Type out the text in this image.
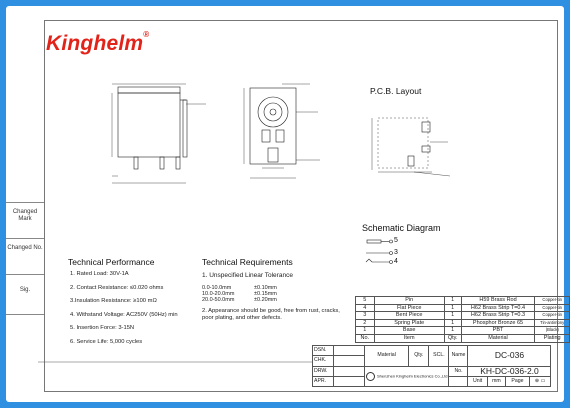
Changed Mark
Changed No.
Sig.
Kinghelm®
P.C.B. Layout
Schematic Diagram
5
3
4
Technical Performance
1. Rated Load: 30V-1A
2. Contact Resistance: ≤0.020 ohms
3.Insulation Resistance: ≥100 mΩ
4. Withstand Voltage: AC250V (50Hz) min
5. Insertion Force: 3-15N
6. Service Life: 5,000 cycles
Technical Requirements
1. Unspecified Linear Tolerance
0.0-10.0mm	±0.10mm
10.0-20.0mm	±0.15mm
20.0-50.0mm	±0.20mm
2. Appearance should be good, free from rust, cracks, poor plating, and other defects.
5	Pin	1	H59 Brass Rod	Copper-tin
4	Flat Piece	1	H62 Brass Strip T=0.4	Copper-tin
3	Bent Piece	1	H62 Brass Strip T=0.3	Copper-tin
2	Spring Plate	1	Phosphor Bronze 65	Tin-antimony
1	Base	1	PBT	(Black)
No.	Item	Qty.	Material	Plating
DSN.		Material	Qty.	SCL.	Name	DC-036			
CHK.									
DRW.		Shenzhen Kinghelm Electronics Co.,Ltd			No.	KH-DC-036-2.0			
APR.						Unit	mm	Page	⊕ ▭
